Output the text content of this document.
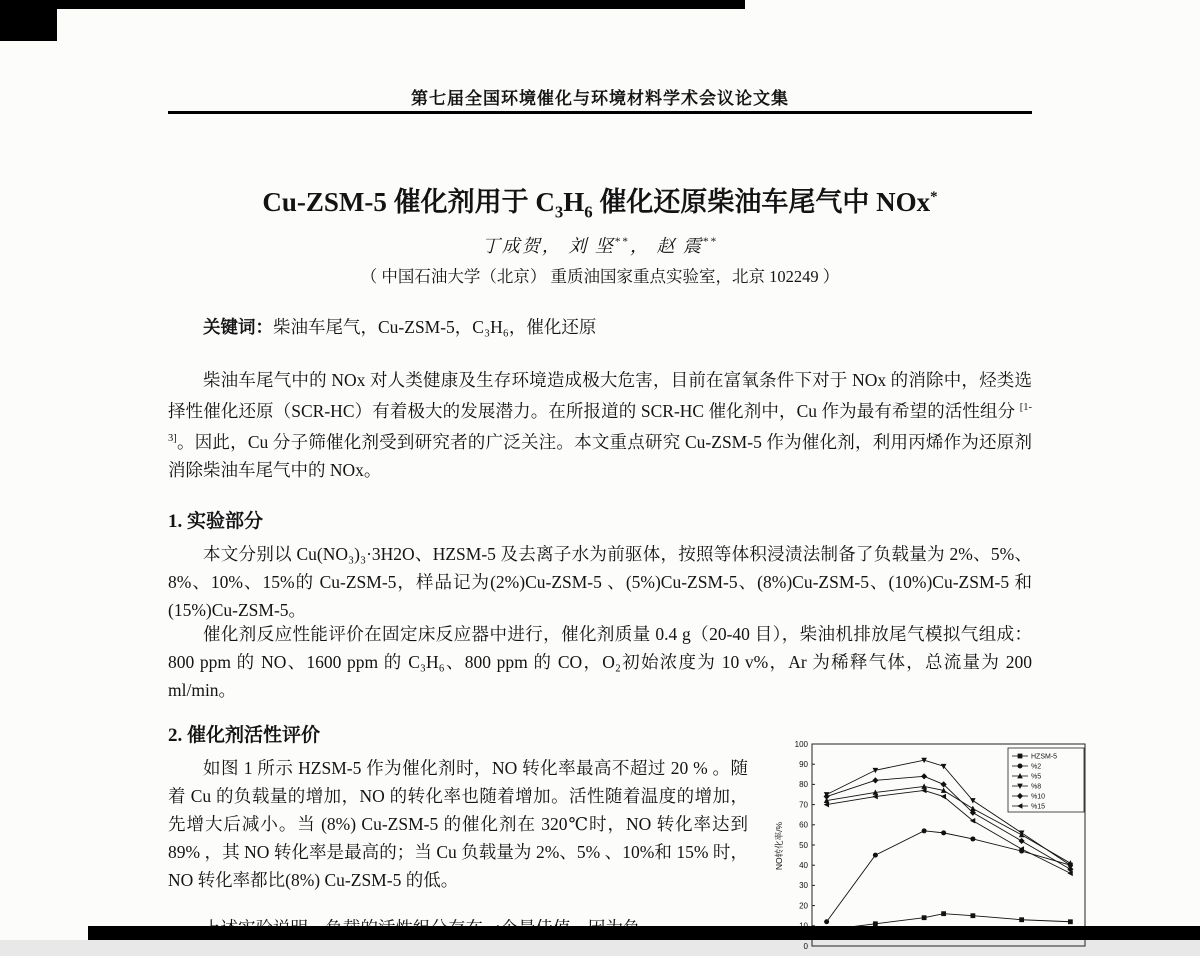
第七届全国环境催化与环境材料学术会议论文集
Cu-ZSM-5 催化剂用于 $C_3H_6$ 催化还原柴油车尾气中 NOx*
丁成贺， 刘 坚**， 赵 震**
（ 中国石油大学（北京） 重质油国家重点实验室，北京 102249 ）
关键词：柴油车尾气，Cu-ZSM-5，C₃H₆，催化还原

柴油车尾气中的 NOx 对人类健康及生存环境造成极大危害，目前在富氧条件下对于 NOx 的消除中，烃类选择性催化还原（SCR-HC）有着极大的发展潜力。在所报道的 SCR-HC 催化剂中，Cu 作为最有希望的活性组分 [1-3]。因此，Cu 分子筛催化剂受到研究者的广泛关注。本文重点研究 Cu-ZSM-5 作为催化剂，利用丙烯作为还原剂消除柴油车尾气中的 NOx。

1. 实验部分

本文分别以 Cu(NO₃)₃·3H2O、HZSM-5 及去离子水为前驱体，按照等体积浸渍法制备了负载量为 2%、5%、8%、10%、15%的 Cu-ZSM-5，样品记为(2%)Cu-ZSM-5 、(5%)Cu-ZSM-5、(8%)Cu-ZSM-5、(10%)Cu-ZSM-5 和(15%)Cu-ZSM-5。

催化剂反应性能评价在固定床反应器中进行，催化剂质量 0.4 g（20-40 目），柴油机排放尾气模拟气组成：800 ppm 的 NO、1600 ppm 的 C₃H₆、800 ppm 的 CO，O₂初始浓度为 10 v%，Ar 为稀释气体，总流量为 200 ml/min。

2. 催化剂活性评价

如图 1 所示 HZSM-5 作为催化剂时，NO 转化率最高不超过 20 % 。随着 Cu 的负载量的增加，NO 的转化率也随着增加。活性随着温度的增加，先增大后减小。当 (8%) Cu-ZSM-5 的催化剂在 320℃时，NO 转化率达到 89% ，其 NO 转化率是最高的；当 Cu 负载量为 2%、5% 、10%和 15% 时，NO 转化率都比(8%) Cu-ZSM-5 的低。

0
20
30
40
50
60
70
80
90
100
NO转化率/%
HZSM-5
%2
%5
%8
%10
%15
